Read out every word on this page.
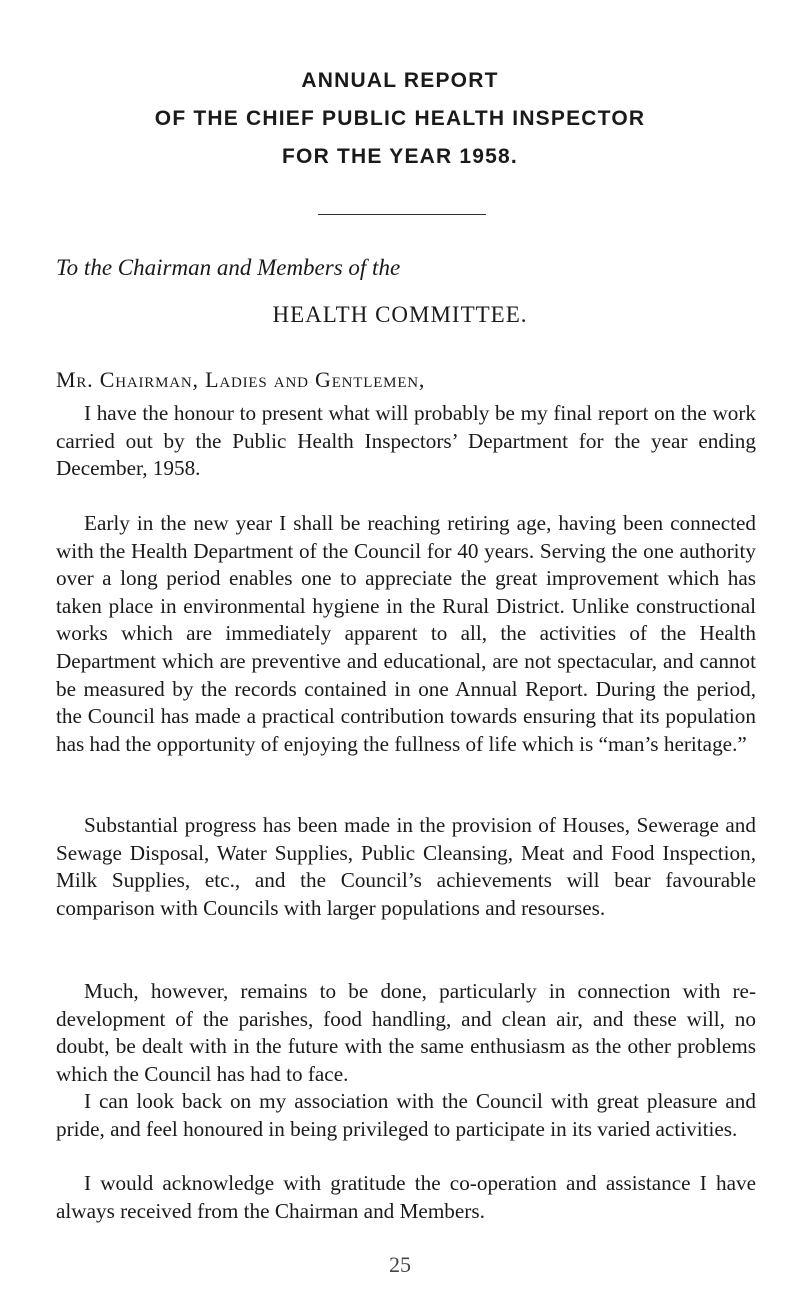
ANNUAL REPORT
OF THE CHIEF PUBLIC HEALTH INSPECTOR
FOR THE YEAR 1958.
To the Chairman and Members of the
HEALTH COMMITTEE.
Mr. Chairman, Ladies and Gentlemen,

I have the honour to present what will probably be my final report on the work carried out by the Public Health Inspectors’ Department for the year ending December, 1958.

Early in the new year I shall be reaching retiring age, having been connected with the Health Department of the Council for 40 years. Serving the one authority over a long period enables one to appreciate the great improvement which has taken place in environmental hygiene in the Rural District. Unlike constructional works which are immediately apparent to all, the activities of the Health Department which are preventive and educational, are not spectacular, and cannot be measured by the records contained in one Annual Report. During the period, the Council has made a practical contribution towards ensuring that its population has had the opportunity of enjoying the fullness of life which is “man’s heritage.”

Substantial progress has been made in the provision of Houses, Sewerage and Sewage Disposal, Water Supplies, Public Cleansing, Meat and Food Inspection, Milk Supplies, etc., and the Council’s achievements will bear favourable comparison with Councils with larger populations and resourses.

Much, however, remains to be done, particularly in connection with re-development of the parishes, food handling, and clean air, and these will, no doubt, be dealt with in the future with the same enthusiasm as the other problems which the Council has had to face.

I can look back on my association with the Council with great pleasure and pride, and feel honoured in being privileged to participate in its varied activities.

I would acknowledge with gratitude the co-operation and assistance I have always received from the Chairman and Members.

25
